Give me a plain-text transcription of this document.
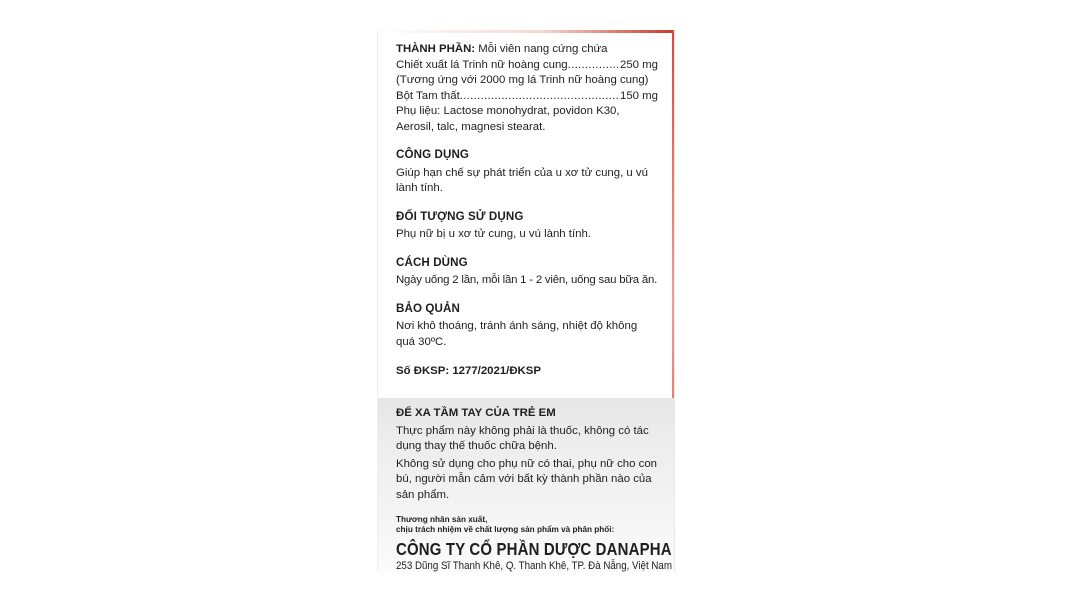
THÀNH PHẦN: Mỗi viên nang cứng chứa
Chiết xuất lá Trinh nữ hoàng cung .....	250 mg
(Tương ứng với 2000 mg lá Trinh nữ hoàng cung)
Bột Tam thất .....	150 mg
Phụ liệu: Lactose monohydrat, povidon K30,
Aerosil, talc, magnesi stearat.
CÔNG DỤNG

Giúp hạn chế sự phát triển của u xơ tử cung, u vú lành tính.

ĐỐI TƯỢNG SỬ DỤNG

Phụ nữ bị u xơ tử cung, u vú lành tính.

CÁCH DÙNG

Ngày uống 2 lần, mỗi lần 1 - 2 viên, uống sau bữa ăn.

BẢO QUẢN

Nơi khô thoáng, tránh ánh sáng, nhiệt độ không quá 30ºC.

Số ĐKSP: 1277/2021/ĐKSP
ĐỂ XA TẦM TAY CỦA TRẺ EM

Thực phẩm này không phải là thuốc, không có tác dụng thay thế thuốc chữa bệnh.

Không sử dụng cho phụ nữ có thai, phụ nữ cho con bú, người mẫn cảm với bất kỳ thành phần nào của sản phẩm.

Thương nhân sản xuất,
chịu trách nhiệm về chất lượng sản phẩm và phân phối:
CÔNG TY CỔ PHẦN DƯỢC DANAPHA
253 Dũng Sĩ Thanh Khê, Q. Thanh Khê, TP. Đà Nẵng, Việt Nam
